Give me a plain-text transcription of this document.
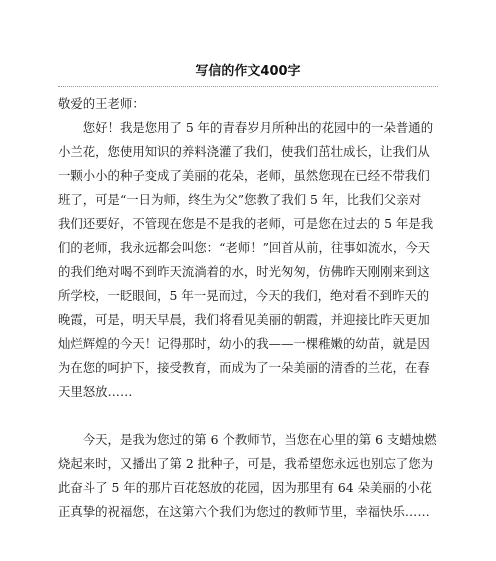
写信的作文400字
敬爱的王老师：
　　您好！我是您用了 5 年的青春岁月所种出的花园中的一朵普通的
小兰花，您使用知识的养料浇灌了我们，使我们茁壮成长，让我们从
一颗小小的种子变成了美丽的花朵，老师，虽然您现在已经不带我们
班了，可是“一日为师，终生为父”您教了我们 5 年，比我们父亲对
我们还要好，不管现在您是不是我的老师，可是您在过去的 5 年是我
们的老师，我永远都会叫您：“老师！”回首从前，往事如流水，今天
的我们绝对喝不到昨天流淌着的水，时光匆匆，仿佛昨天刚刚来到这
所学校，一眨眼间，5 年一晃而过，今天的我们，绝对看不到昨天的
晚霞，可是，明天早晨，我们将看见美丽的朝霞，并迎接比昨天更加
灿烂辉煌的今天！记得那时，幼小的我——一棵稚嫩的幼苗，就是因
为在您的呵护下，接受教育，而成为了一朵美丽的清香的兰花，在春
天里怒放……
　　今天，是我为您过的第 6 个教师节，当您在心里的第 6 支蜡烛燃
烧起来时，又播出了第 2 批种子，可是，我希望您永远也别忘了您为
此奋斗了 5 年的那片百花怒放的花园，因为那里有 64 朵美丽的小花
正真挚的祝福您，在这第六个我们为您过的教师节里，幸福快乐……
